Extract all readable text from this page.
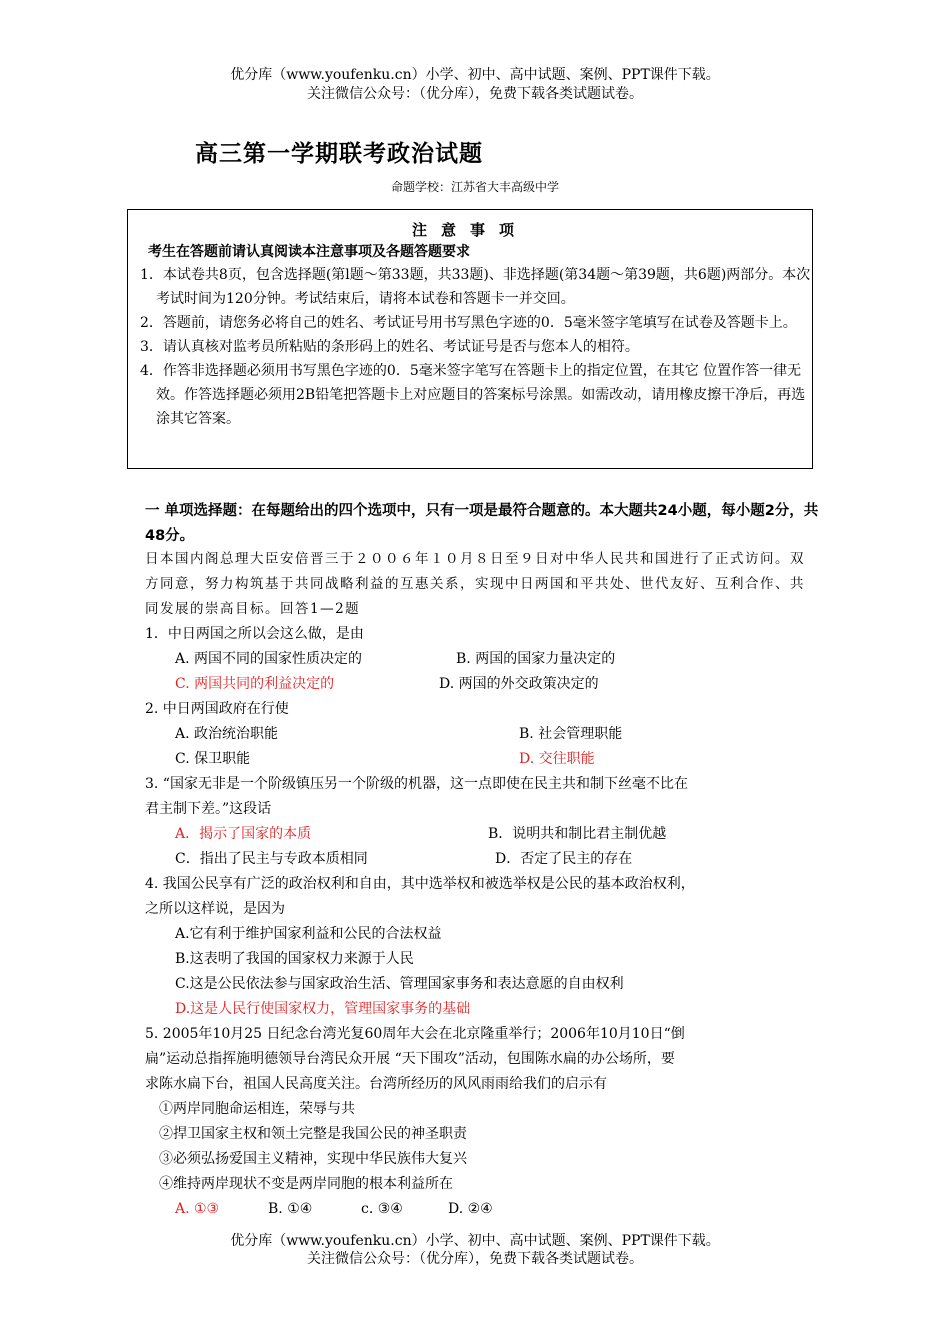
优分库（www.youfenku.cn）小学、初中、高中试题、案例、PPT课件下载。
关注微信公众号：（优分库），免费下载各类试题试卷。
高三第一学期联考政治试题
命题学校：江苏省大丰高级中学
注意事项
考生在答题前请认真阅读本注意事项及各题答题要求
1．本试卷共8页，包含选择题(第l题～第33题，共33题)、非选择题(第34题～第39题，共6题)两部分。本次考试时间为120分钟。考试结束后，请将本试卷和答题卡一并交回。
2．答题前，请您务必将自己的姓名、考试证号用书写黑色字迹的0．5毫米签字笔填写在试卷及答题卡上。
3．请认真核对监考员所粘贴的条形码上的姓名、考试证号是否与您本人的相符。
4．作答非选择题必须用书写黑色字迹的0．5毫米签字笔写在答题卡上的指定位置，在其它 位置作答一律无效。作答选择题必须用2B铅笔把答题卡上对应题目的答案标号涂黑。如需改动，请用橡皮擦干净后，再选涂其它答案。
一 单项选择题：在每题给出的四个选项中，只有一项是最符合题意的。本大题共24小题，每小题2分，共48分。
日本国内阁总理大臣安倍晋三于２００６年１０月８日至９日对中华人民共和国进行了正式访问。双方同意，努力构筑基于共同战略利益的互惠关系，实现中日两国和平共处、世代友好、互利合作、共同发展的崇高目标。回答1—2题
1．中日两国之所以会这么做，是由
A. 两国不同的国家性质决定的	B. 两国的国家力量决定的
C. 两国共同的利益决定的	D. 两国的外交政策决定的
2. 中日两国政府在行使
A. 政治统治职能	B. 社会管理职能
C. 保卫职能	D. 交往职能
3. “国家无非是一个阶级镇压另一个阶级的机器，这一点即使在民主共和制下丝毫不比在
君主制下差。”这段话
A．揭示了国家的本质	B．说明共和制比君主制优越
C．指出了民主与专政本质相同	D．否定了民主的存在
4. 我国公民享有广泛的政治权利和自由，其中选举权和被选举权是公民的基本政治权利，
之所以这样说，是因为
A.它有利于维护国家利益和公民的合法权益
B.这表明了我国的国家权力来源于人民
C.这是公民依法参与国家政治生活、管理国家事务和表达意愿的自由权利
D.这是人民行使国家权力，管理国家事务的基础
5. 2005年10月25 日纪念台湾光复60周年大会在北京隆重举行；2006年10月10日“倒
扁”运动总指挥施明德领导台湾民众开展 “天下围攻”活动，包围陈水扁的办公场所，要
求陈水扁下台，祖国人民高度关注。台湾所经历的风风雨雨给我们的启示有
①两岸同胞命运相连，荣辱与共
②捍卫国家主权和领土完整是我国公民的神圣职责
③必须弘扬爱国主义精神，实现中华民族伟大复兴
④维持两岸现状不变是两岸同胞的根本利益所在
A. ①③	B. ①④	c. ③④	D. ②④
优分库（www.youfenku.cn）小学、初中、高中试题、案例、PPT课件下载。
关注微信公众号：（优分库），免费下载各类试题试卷。
